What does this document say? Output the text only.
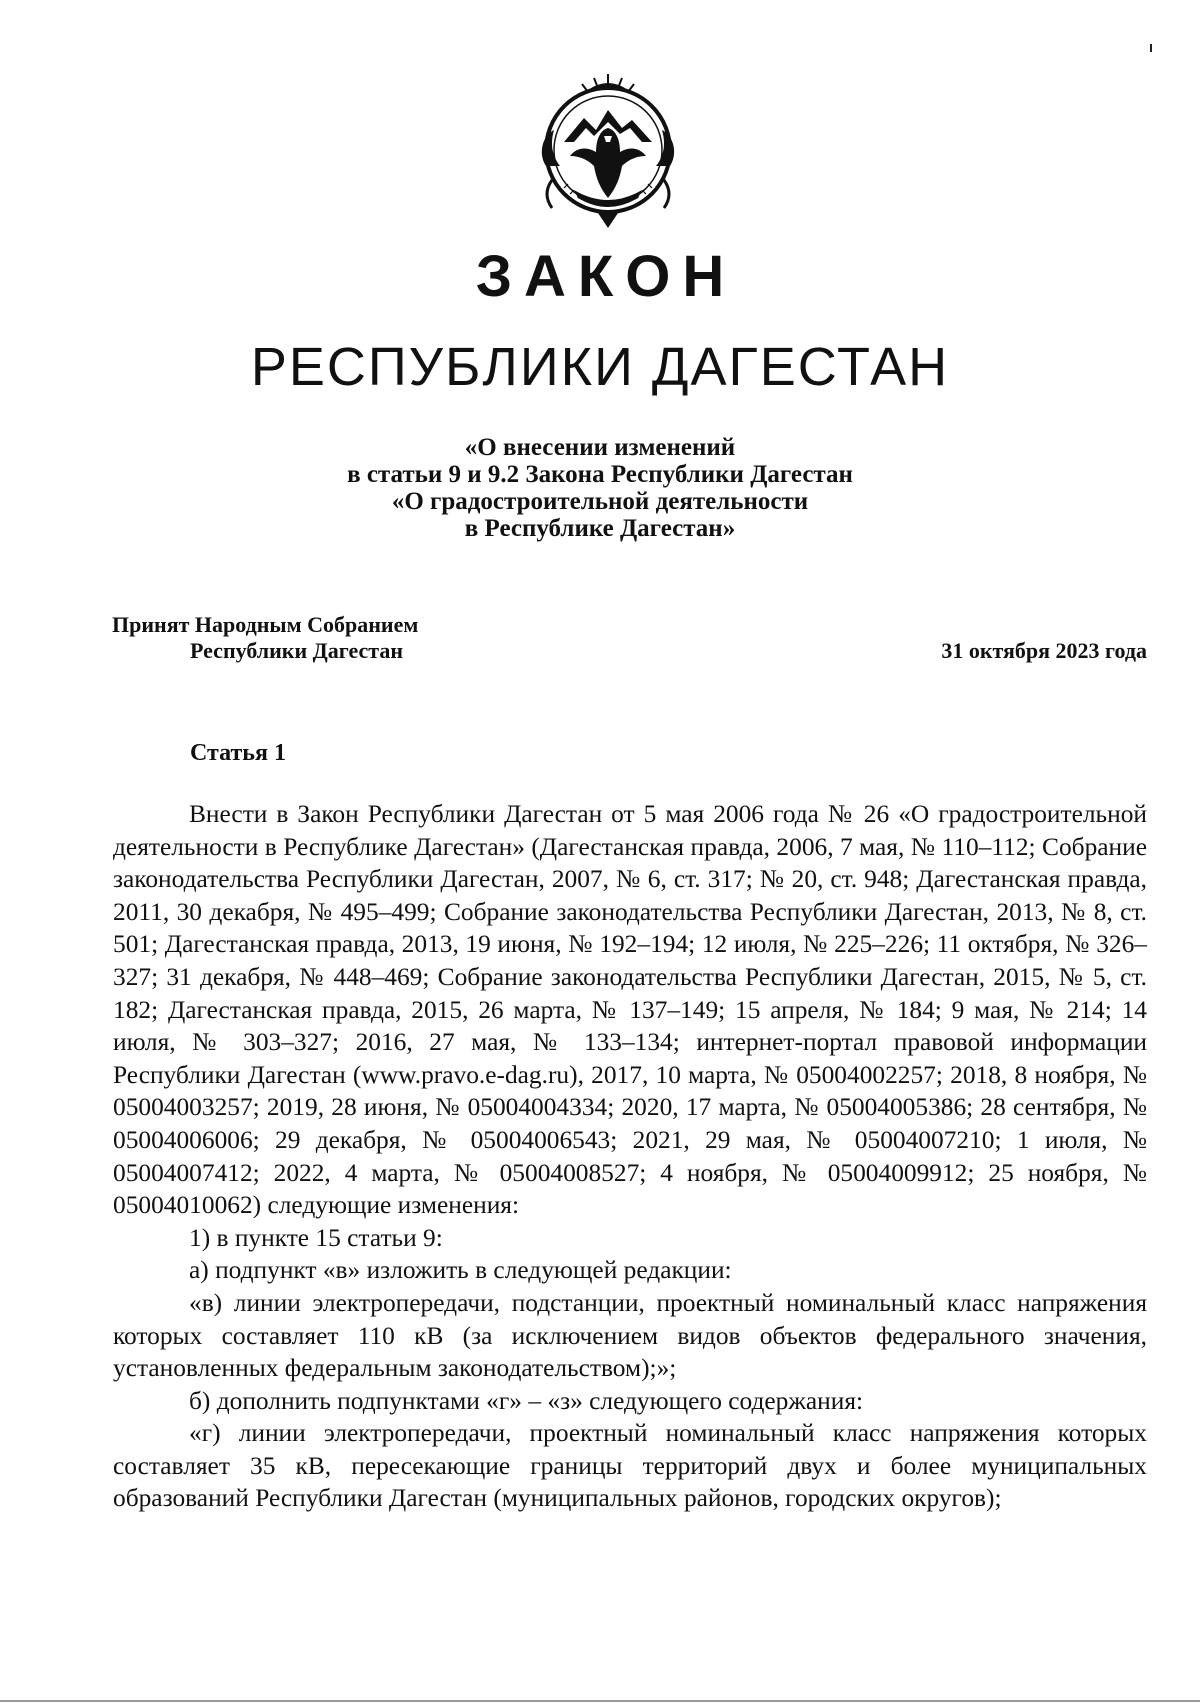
ЗАКОН
РЕСПУБЛИКИ ДАГЕСТАН
«О внесении изменений
в статьи 9 и 9.2 Закона Республики Дагестан
«О градостроительной деятельности
в Республике Дагестан»
Принят Народным Собранием
Республики Дагестан	31 октября 2023 года
Статья 1

Внести в Закон Республики Дагестан от 5 мая 2006 года № 26 «О градостроительной деятельности в Республике Дагестан» (Дагестанская правда, 2006, 7 мая, № 110–112; Собрание законодательства Республики Дагестан, 2007, № 6, ст. 317; № 20, ст. 948; Дагестанская правда, 2011, 30 декабря, № 495–499; Собрание законодательства Республики Дагестан, 2013, № 8, ст. 501; Дагестанская правда, 2013, 19 июня, № 192–194; 12 июля, № 225–226; 11 октября, № 326–327; 31 декабря, № 448–469; Собрание законодательства Республики Дагестан, 2015, № 5, ст. 182; Дагестанская правда, 2015, 26 марта, № 137–149; 15 апреля, № 184; 9 мая, № 214; 14 июля, № 303–327; 2016, 27 мая, № 133–134; интернет-портал правовой информации Республики Дагестан (www.pravo.e-dag.ru), 2017, 10 марта, № 05004002257; 2018, 8 ноября, № 05004003257; 2019, 28 июня, № 05004004334; 2020, 17 марта, № 05004005386; 28 сентября, № 05004006006; 29 декабря, № 05004006543; 2021, 29 мая, № 05004007210; 1 июля, № 05004007412; 2022, 4 марта, № 05004008527; 4 ноября, № 05004009912; 25 ноября, № 05004010062) следующие изменения:

1) в пункте 15 статьи 9:

а) подпункт «в» изложить в следующей редакции:

«в) линии электропередачи, подстанции, проектный номинальный класс напряжения которых составляет 110 кВ (за исключением видов объектов федерального значения, установленных федеральным законодательством);»;

б) дополнить подпунктами «г» – «з» следующего содержания:

«г) линии электропередачи, проектный номинальный класс напряжения которых составляет 35 кВ, пересекающие границы территорий двух и более муниципальных образований Республики Дагестан (муниципальных районов, городских округов);
